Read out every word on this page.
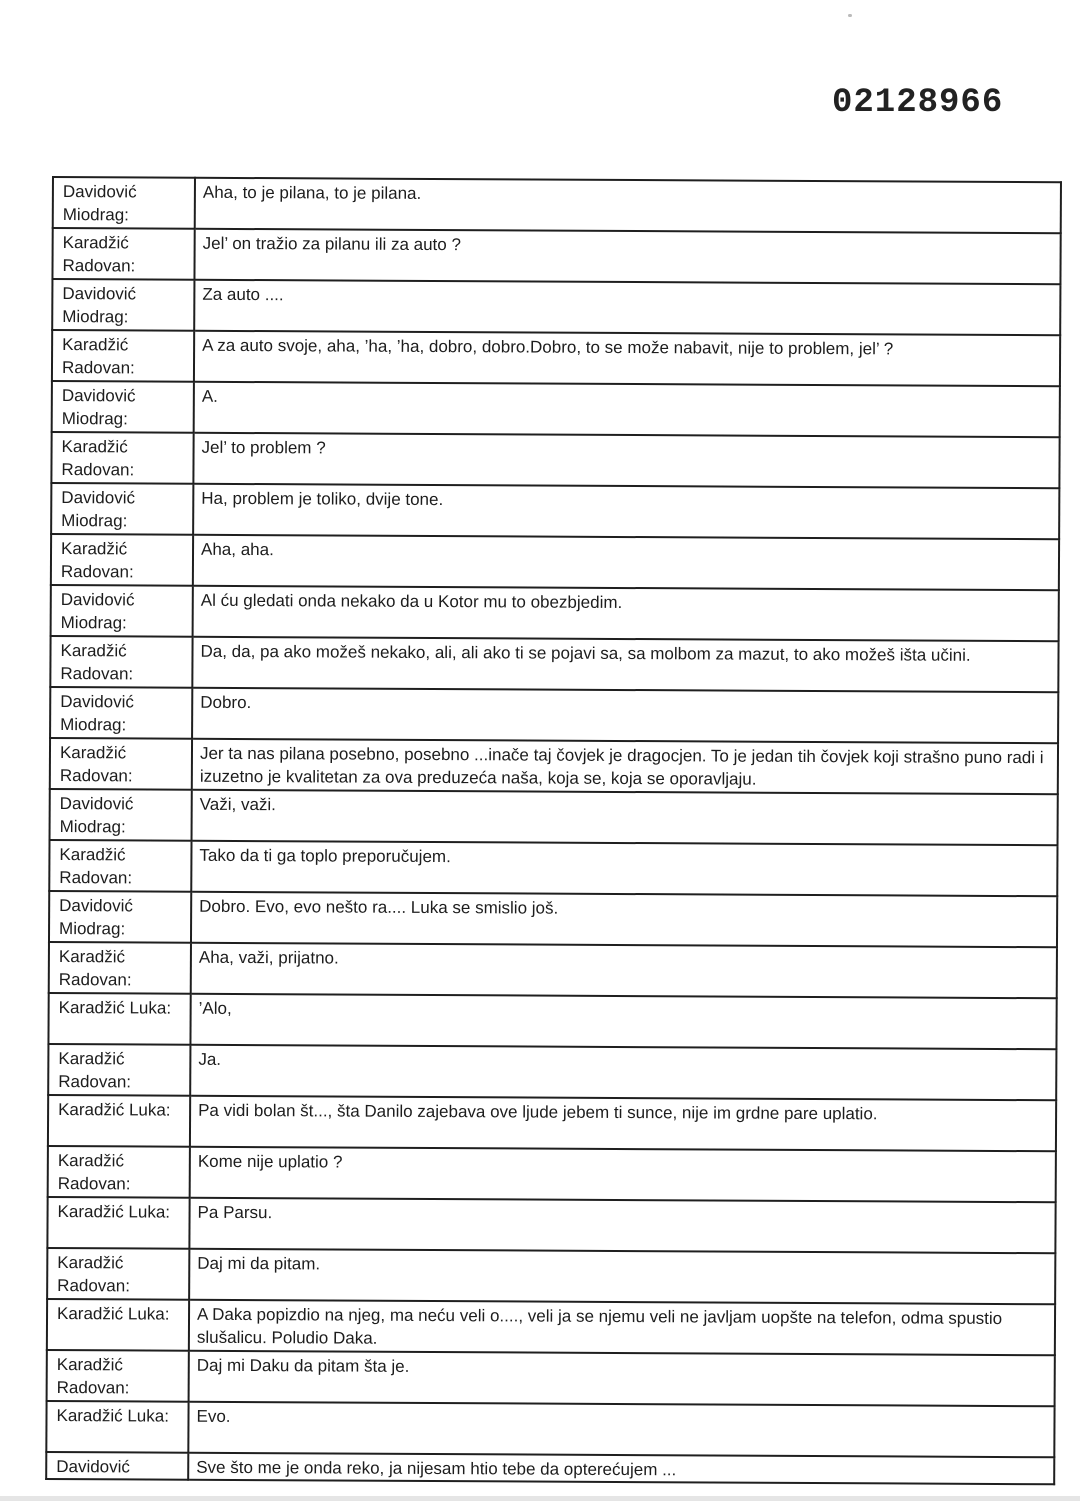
02128966
Davidović Miodrag:	Aha, to je pilana, to je pilana.
Karadžić Radovan:	Jel’ on tražio za pilanu ili za auto ?
Davidović Miodrag:	Za auto ....
Karadžić Radovan:	A za auto svoje, aha, ’ha, ’ha, dobro, dobro.Dobro, to se može nabavit, nije to problem, jel’ ?
Davidović Miodrag:	A.
Karadžić Radovan:	Jel’ to problem ?
Davidović Miodrag:	Ha, problem je toliko, dvije tone.
Karadžić Radovan:	Aha, aha.
Davidović Miodrag:	Al ću gledati onda nekako da u Kotor mu to obezbjedim.
Karadžić Radovan:	Da, da, pa ako možeš nekako, ali, ali ako ti se pojavi sa, sa molbom za mazut, to ako možeš išta učini.
Davidović Miodrag:	Dobro.
Karadžić Radovan:	Jer ta nas pilana posebno, posebno ...inače taj čovjek je dragocjen. To je jedan tih čovjek koji strašno puno radi i izuzetno je kvalitetan za ova preduzeća naša, koja se, koja se oporavljaju.
Davidović Miodrag:	Važi, važi.
Karadžić Radovan:	Tako da ti ga toplo preporučujem.
Davidović Miodrag:	Dobro. Evo, evo nešto ra.... Luka se smislio još.
Karadžić Radovan:	Aha, važi, prijatno.
Karadžić Luka:	’Alo,
Karadžić Radovan:	Ja.
Karadžić Luka:	Pa vidi bolan št..., šta Danilo zajebava ove ljude jebem ti sunce, nije im grdne pare uplatio.
Karadžić Radovan:	Kome nije uplatio ?
Karadžić Luka:	Pa Parsu.
Karadžić Radovan:	Daj mi da pitam.
Karadžić Luka:	A Daka popizdio na njeg, ma neću veli o...., veli ja se njemu veli ne javljam uopšte na telefon, odma spustio slušalicu. Poludio Daka.
Karadžić Radovan:	Daj mi Daku da pitam šta je.
Karadžić Luka:	Evo.
Davidović	Sve što me je onda reko, ja nijesam htio tebe da opterećujem ...
